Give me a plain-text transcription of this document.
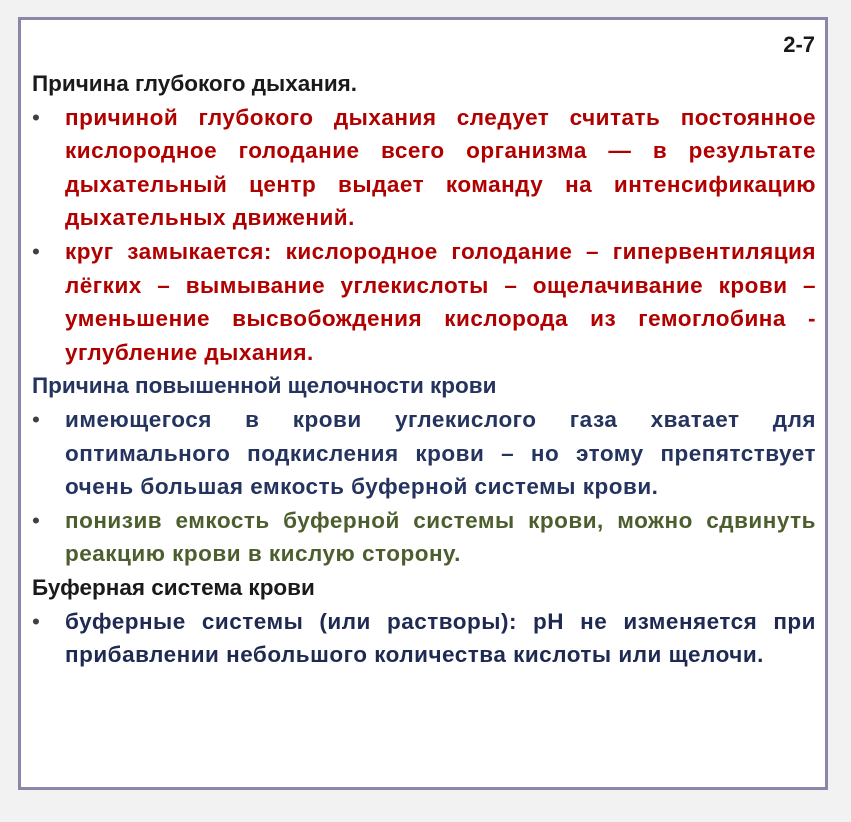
2-7

Причина глубокого дыхания.

•	причиной глубокого дыхания следует считать постоянное кислородное голодание всего организма — в результате дыхательный центр выдает команду на интенсификацию дыхательных движений.
•	круг замыкается: кислородное голодание – гипервентиляция лёгких – вымывание углекислоты – ощелачивание крови – уменьшение высвобождения кислорода из гемоглобина - углубление дыхания.

Причина повышенной щелочности крови

•	имеющегося в крови углекислого газа хватает для оптимального подкисления крови – но этому препятствует очень большая емкость буферной системы крови.
•	понизив емкость буферной системы крови, можно сдвинуть реакцию крови в кислую сторону.

Буферная система крови

•	буферные системы (или растворы): рН не изменяется при прибавлении небольшого количества кислоты или щелочи.
